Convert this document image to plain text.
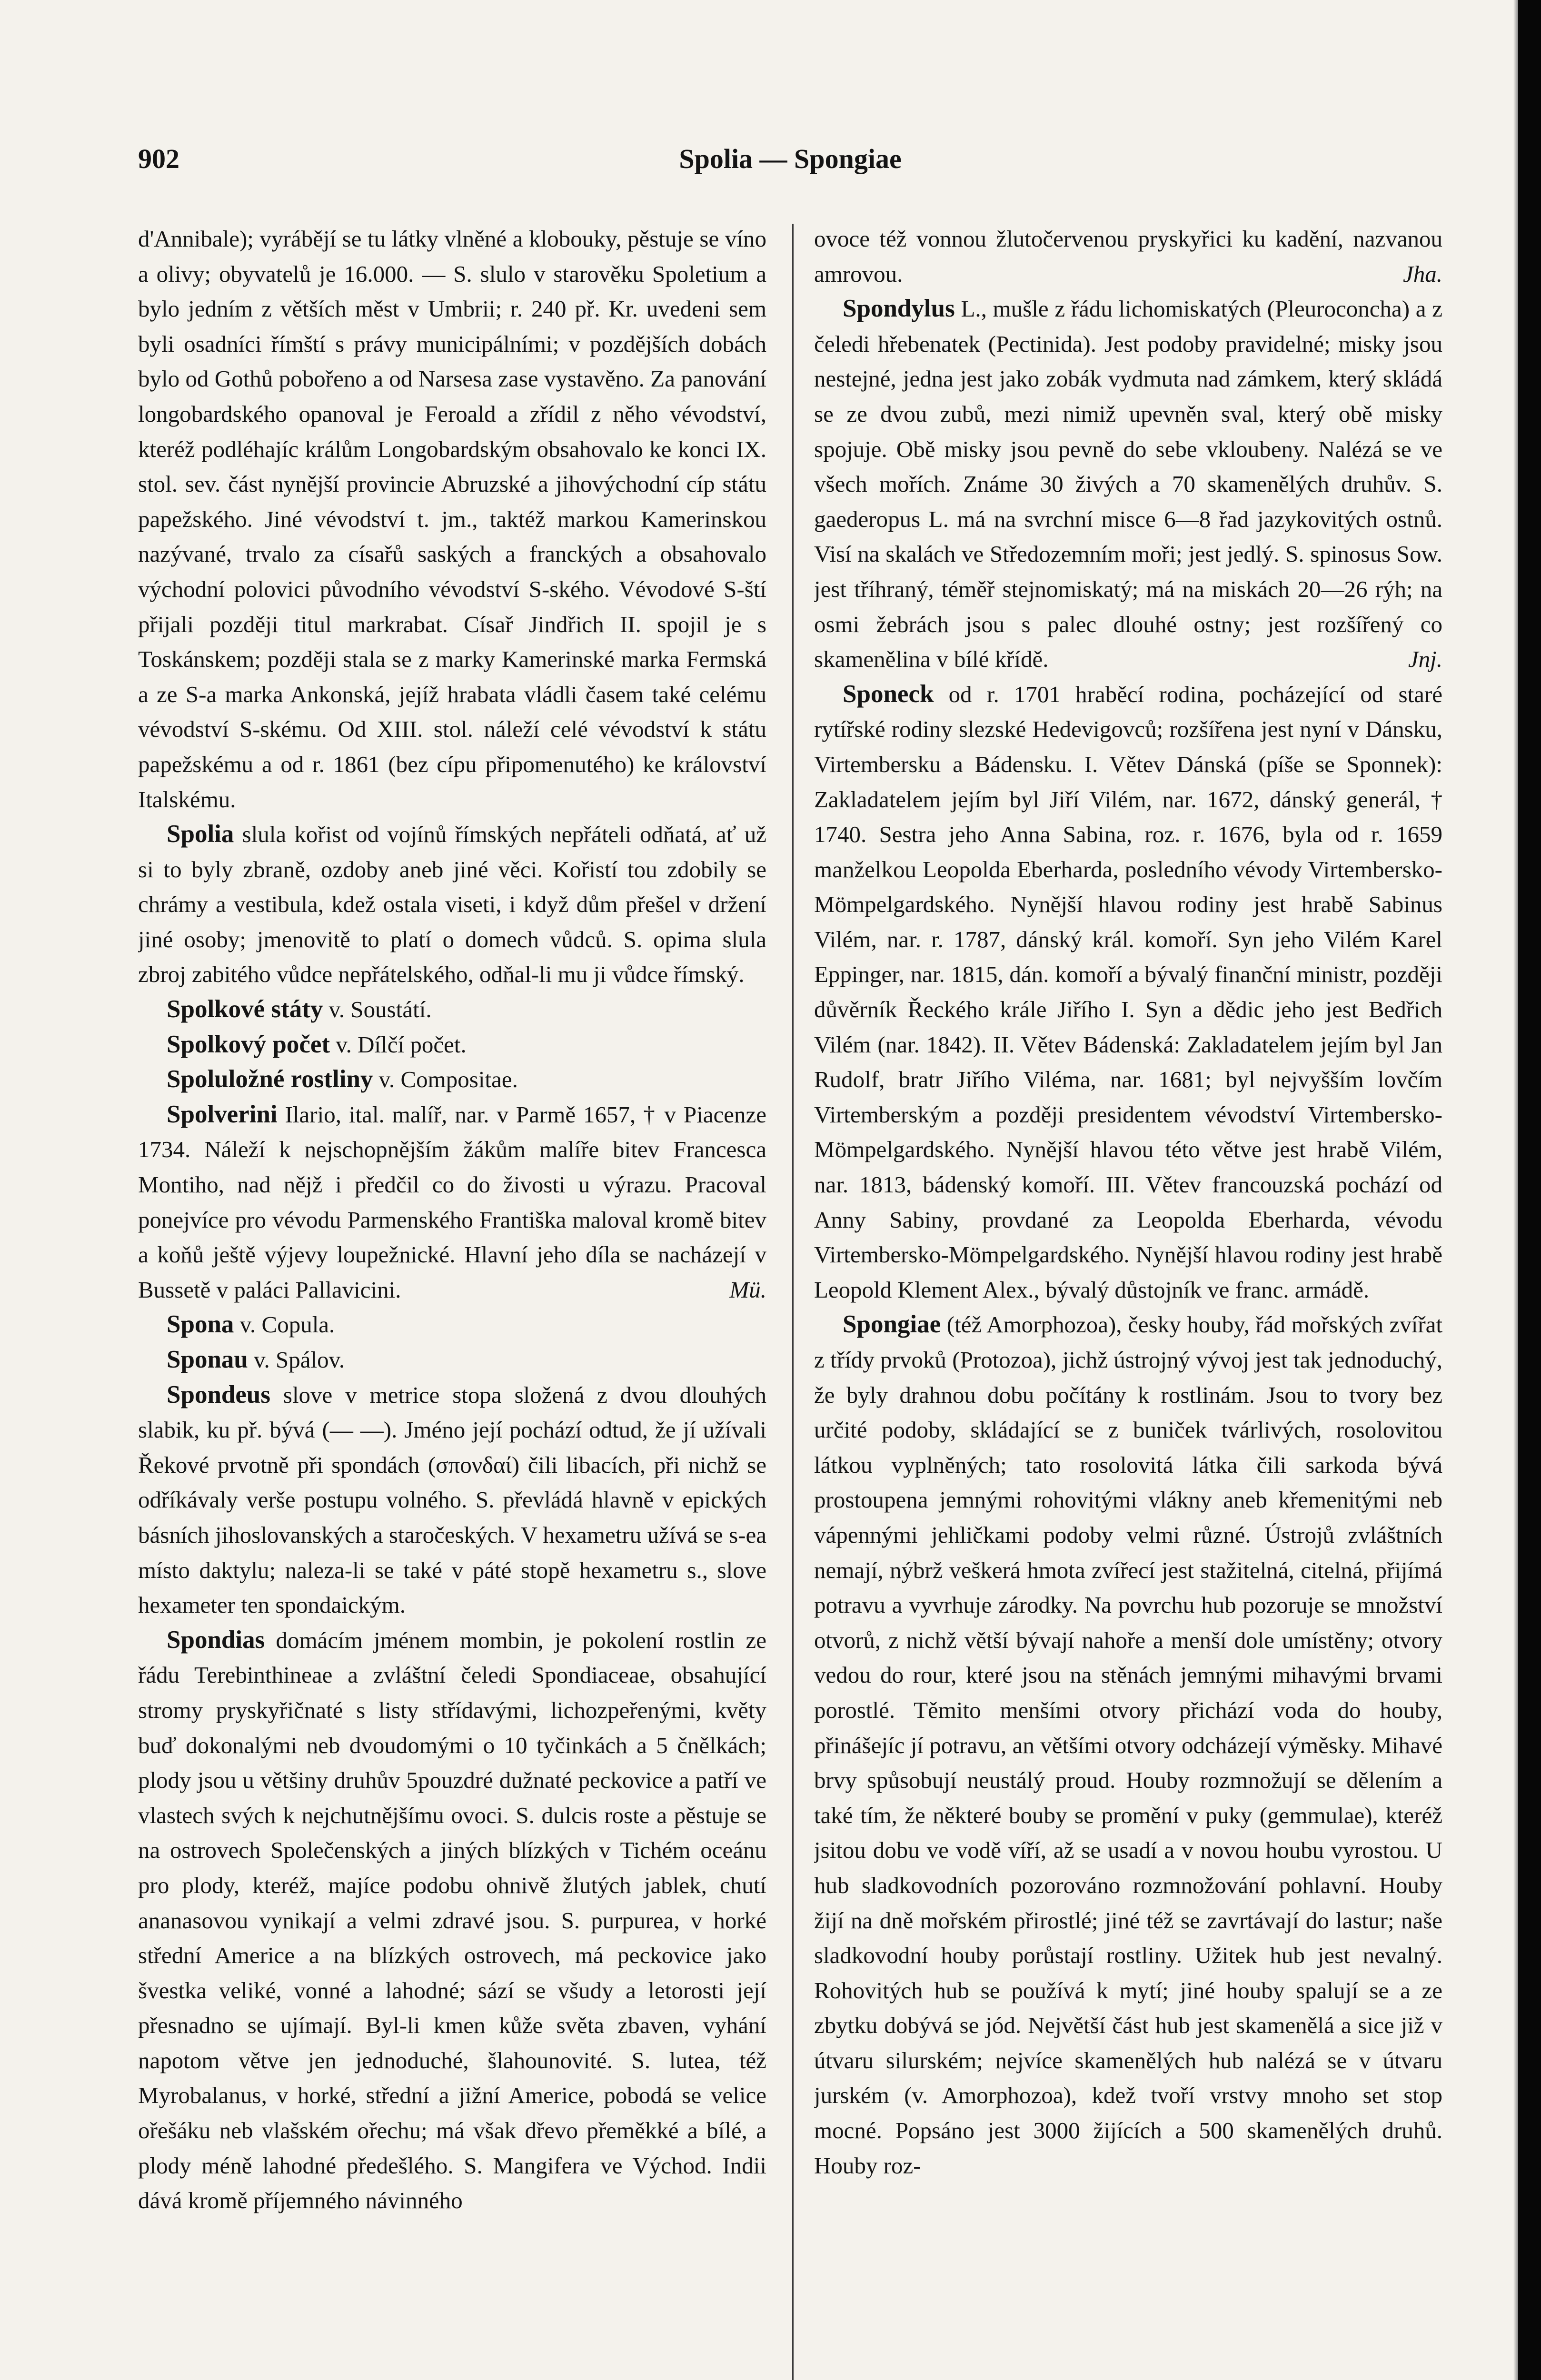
902	Spolia — Spongiae

d'Annibale); vyrábějí se tu látky vlněné a klobouky, pěstuje se víno a olivy; obyvatelů je 16.000. — S. slulo v starověku Spoletium a bylo jedním z větších měst v Umbrii; r. 240 př. Kr. uvedeni sem byli osadníci římští s právy municipálními; v pozdějších dobách bylo od Gothů pobořeno a od Narsesa zase vystavěno. Za panování longobardského opanoval je Feroald a zřídil z něho vévodství, kteréž podléhajíc králům Longobardským obsahovalo ke konci IX. stol. sev. část nynější provincie Abruzské a jihovýchodní cíp státu papežského. Jiné vévodství t. jm., taktéž markou Kamerinskou nazývané, trvalo za císařů saských a franckých a obsahovalo východní polovici původního vévodství S-ského. Vévodové S-ští přijali později titul markrabat. Císař Jindřich II. spojil je s Toskánskem; později stala se z marky Kamerinské marka Fermská a ze S-a marka Ankonská, jejíž hrabata vládli časem také celému vévodství S-skému. Od XIII. stol. náleží celé vévodství k státu papežskému a od r. 1861 (bez cípu připomenutého) ke království Italskému.

Spolia slula kořist od vojínů římských nepřáteli odňatá, ať už si to byly zbraně, ozdoby aneb jiné věci. Kořistí tou zdobily se chrámy a vestibula, kdež ostala viseti, i když dům přešel v držení jiné osoby; jmenovitě to platí o domech vůdců. S. opima slula zbroj zabitého vůdce nepřátelského, odňal-li mu ji vůdce římský.

Spolkové státy v. Soustátí.

Spolkový počet v. Dílčí počet.

Spoluložné rostliny v. Compositae.

Spolverini Ilario, ital. malíř, nar. v Parmě 1657, † v Piacenze 1734. Náleží k nejschopnějším žákům malíře bitev Francesca Montiho, nad nějž i předčil co do živosti u výrazu. Pracoval ponejvíce pro vévodu Parmenského Františka maloval kromě bitev a koňů ještě výjevy loupežnické. Hlavní jeho díla se nacházejí v Bussetě v paláci Pallavicini.	Mü.

Spona v. Copula.

Sponau v. Spálov.

Spondeus slove v metrice stopa složená z dvou dlouhých slabik, ku př. bývá (— —). Jméno její pochází odtud, že jí užívali Řekové prvotně při spondách (σπονδαί) čili libacích, při nichž se odříkávaly verše postupu volného. S. převládá hlavně v epických básních jihoslovanských a staročeských. V hexametru užívá se s-ea místo daktylu; naleza-li se také v páté stopě hexametru s., slove hexameter ten spondaickým.

Spondias domácím jménem mombin, je pokolení rostlin ze řádu Terebinthineae a zvláštní čeledi Spondiaceae, obsahující stromy pryskyřičnaté s listy střídavými, lichozpeřenými, květy buď dokonalými neb dvoudomými o 10 tyčinkách a 5 čnělkách; plody jsou u většiny druhův 5pouzdré dužnaté peckovice a patří ve vlastech svých k nejchutnějšímu ovoci. S. dulcis roste a pěstuje se na ostrovech Společenských a jiných blízkých v Tichém oceánu pro plody, kteréž, majíce podobu ohnivě žlutých jablek, chutí ananasovou vynikají a velmi zdravé jsou. S. purpurea, v horké střední Americe a na blízkých ostrovech, má peckovice jako švestka veliké, vonné a lahodné; sází se všudy a letorosti její přesnadno se ujímají. Byl-li kmen kůže světa zbaven, vyhání napotom větve jen jednoduché, šlahounovité. S. lutea, též Myrobalanus, v horké, střední a jižní Americe, pobodá se velice ořešáku neb vlašském ořechu; má však dřevo přeměkké a bílé, a plody méně lahodné předešlého. S. Mangifera ve Východ. Indii dává kromě příjemného návinného

ovoce též vonnou žlutočervenou pryskyřici ku kadění, nazvanou amrovou.	Jha.

Spondylus L., mušle z řádu lichomiskatých (Pleuroconcha) a z čeledi hřebenatek (Pectinida). Jest podoby pravidelné; misky jsou nestejné, jedna jest jako zobák vydmuta nad zámkem, který skládá se ze dvou zubů, mezi nimiž upevněn sval, který obě misky spojuje. Obě misky jsou pevně do sebe vkloubeny. Nalézá se ve všech mořích. Známe 30 živých a 70 skamenělých druhův. S. gaederopus L. má na svrchní misce 6—8 řad jazykovitých ostnů. Visí na skalách ve Středozemním moři; jest jedlý. S. spinosus Sow. jest tříhraný, téměř stejnomiskatý; má na miskách 20—26 rýh; na osmi žebrách jsou s palec dlouhé ostny; jest rozšířený co skamenělina v bílé křídě.	Jnj.

Sponeck od r. 1701 hraběcí rodina, pocházející od staré rytířské rodiny slezské Hedevigovců; rozšířena jest nyní v Dánsku, Virtembersku a Bádensku. I. Větev Dánská (píše se Sponnek): Zakladatelem jejím byl Jiří Vilém, nar. 1672, dánský generál, † 1740. Sestra jeho Anna Sabina, roz. r. 1676, byla od r. 1659 manželkou Leopolda Eberharda, posledního vévody Virtembersko-Mömpelgardského. Nynější hlavou rodiny jest hrabě Sabinus Vilém, nar. r. 1787, dánský král. komoří. Syn jeho Vilém Karel Eppinger, nar. 1815, dán. komoří a bývalý finanční ministr, později důvěrník Řeckého krále Jiřího I. Syn a dědic jeho jest Bedřich Vilém (nar. 1842). II. Větev Bádenská: Zakladatelem jejím byl Jan Rudolf, bratr Jiřího Viléma, nar. 1681; byl nejvyšším lovčím Virtemberským a později presidentem vévodství Virtembersko-Mömpelgardského. Nynější hlavou této větve jest hrabě Vilém, nar. 1813, bádenský komoří. III. Větev francouzská pochází od Anny Sabiny, provdané za Leopolda Eberharda, vévodu Virtembersko-Mömpelgardského. Nynější hlavou rodiny jest hrabě Leopold Klement Alex., bývalý důstojník ve franc. armádě.

Spongiae (též Amorphozoa), česky houby, řád mořských zvířat z třídy prvoků (Protozoa), jichž ústrojný vývoj jest tak jednoduchý, že byly drahnou dobu počítány k rostlinám. Jsou to tvory bez určité podoby, skládající se z buniček tvárlivých, rosolovitou látkou vyplněných; tato rosolovitá látka čili sarkoda bývá prostoupena jemnými rohovitými vlákny aneb křemenitými neb vápennými jehličkami podoby velmi různé. Ústrojů zvláštních nemají, nýbrž veškerá hmota zvířecí jest stažitelná, citelná, přijímá potravu a vyvrhuje zárodky. Na povrchu hub pozoruje se množství otvorů, z nichž větší bývají nahoře a menší dole umístěny; otvory vedou do rour, které jsou na stěnách jemnými mihavými brvami porostlé. Těmito menšími otvory přichází voda do houby, přinášejíc jí potravu, an většími otvory odcházejí výměsky. Mihavé brvy spůsobují neustálý proud. Houby rozmnožují se dělením a také tím, že některé bouby se promění v puky (gemmulae), kteréž jsitou dobu ve vodě víří, až se usadí a v novou houbu vyrostou. U hub sladkovodních pozorováno rozmnožování pohlavní. Houby žijí na dně mořském přirostlé; jiné též se zavrtávají do lastur; naše sladkovodní houby porůstají rostliny. Užitek hub jest nevalný. Rohovitých hub se používá k mytí; jiné houby spalují se a ze zbytku dobývá se jód. Největší část hub jest skamenělá a sice již v útvaru silurském; nejvíce skamenělých hub nalézá se v útvaru jurském (v. Amorphozoa), kdež tvoří vrstvy mnoho set stop mocné. Popsáno jest 3000 žijících a 500 skamenělých druhů. Houby roz-
